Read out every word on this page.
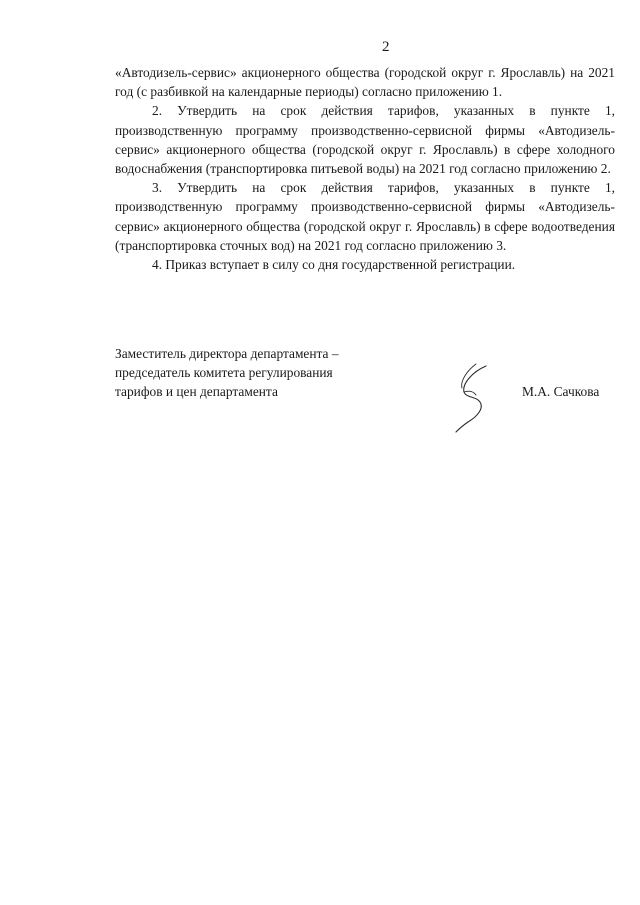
2

«Автодизель-сервис» акционерного общества (городской округ г. Ярославль) на 2021 год (с разбивкой на календарные периоды) согласно приложению 1.

2. Утвердить на срок действия тарифов, указанных в пункте 1, производственную программу производственно-сервисной фирмы «Автодизель-сервис» акционерного общества (городской округ г. Ярославль) в сфере холодного водоснабжения (транспортировка питьевой воды) на 2021 год согласно приложению 2.

3. Утвердить на срок действия тарифов, указанных в пункте 1, производственную программу производственно-сервисной фирмы «Автодизель-сервис» акционерного общества (городской округ г. Ярославль) в сфере водоотведения (транспортировка сточных вод) на 2021 год согласно приложению 3.

4. Приказ вступает в силу со дня государственной регистрации.

Заместитель директора департамента –
председатель комитета регулирования
тарифов и цен департамента	М.А. Сачкова
